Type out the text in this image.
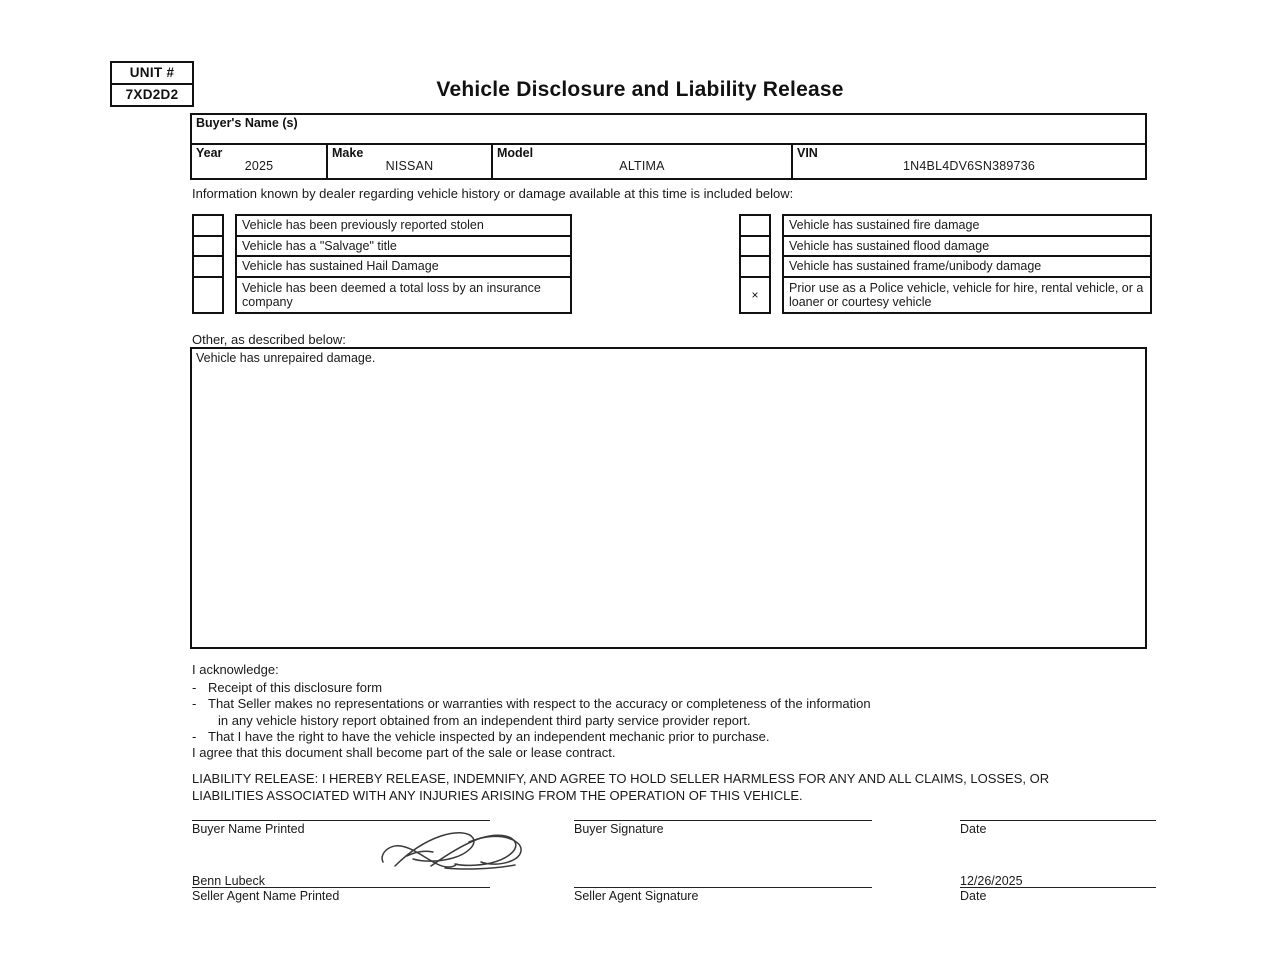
UNIT #
7XD2D2	Vehicle Disclosure and Liability Release
Buyer's Name (s)
Year
2025
Make
NISSAN
Model
ALTIMA
VIN
1N4BL4DV6SN389736
Information known by dealer regarding vehicle history or damage available at this time is included below:
Vehicle has been previously reported stolen
Vehicle has a "Salvage" title
Vehicle has sustained Hail Damage
Vehicle has been deemed a total loss by an insurance company
Vehicle has sustained fire damage
Vehicle has sustained flood damage
Vehicle has sustained frame/unibody damage
×	Prior use as a Police vehicle, vehicle for hire, rental vehicle, or a loaner or courtesy vehicle
Other, as described below:
Vehicle has unrepaired damage.
I acknowledge:
- Receipt of this disclosure form
- That Seller makes no representations or warranties with respect to the accuracy or completeness of the information
in any vehicle history report obtained from an independent third party service provider report.
- That I have the right to have the vehicle inspected by an independent mechanic prior to purchase.
I agree that this document shall become part of the sale or lease contract.
LIABILITY RELEASE: I HEREBY RELEASE, INDEMNIFY, AND AGREE TO HOLD SELLER HARMLESS FOR ANY AND ALL CLAIMS, LOSSES, OR LIABILITIES ASSOCIATED WITH ANY INJURIES ARISING FROM THE OPERATION OF THIS VEHICLE.
Buyer Name Printed
Benn Lubeck
Seller Agent Name Printed
Buyer Signature
Seller Agent Signature
Date
12/26/2025
Date
